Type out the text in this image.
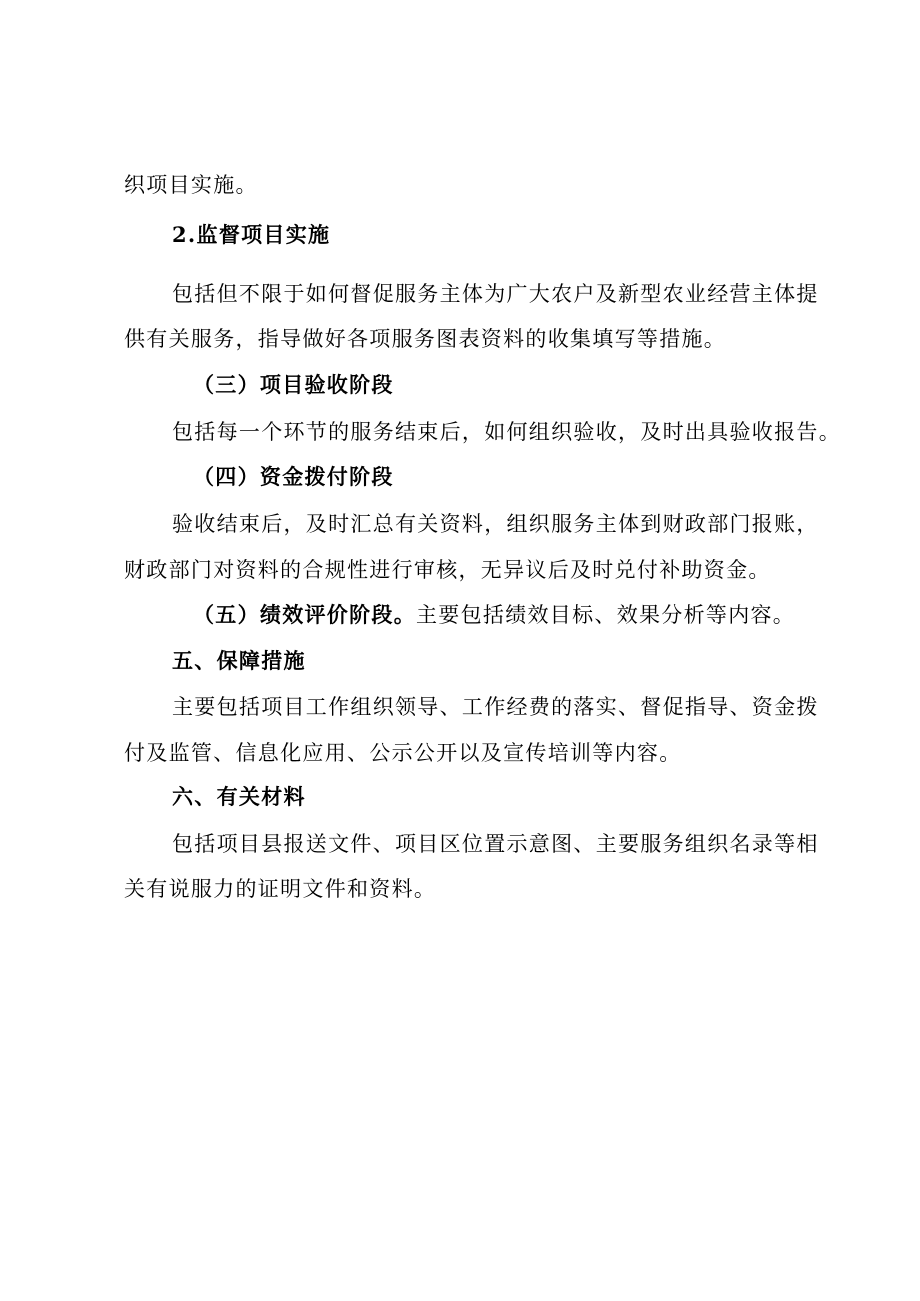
织项目实施。
2.监督项目实施
包括但不限于如何督促服务主体为广大农户及新型农业经营主体提
供有关服务，指导做好各项服务图表资料的收集填写等措施。
（三）项目验收阶段
包括每一个环节的服务结束后，如何组织验收，及时出具验收报告。
（四）资金拨付阶段
验收结束后，及时汇总有关资料，组织服务主体到财政部门报账，
财政部门对资料的合规性进行审核，无异议后及时兑付补助资金。
（五）绩效评价阶段。主要包括绩效目标、效果分析等内容。
五、保障措施
主要包括项目工作组织领导、工作经费的落实、督促指导、资金拨
付及监管、信息化应用、公示公开以及宣传培训等内容。
六、有关材料
包括项目县报送文件、项目区位置示意图、主要服务组织名录等相
关有说服力的证明文件和资料。
